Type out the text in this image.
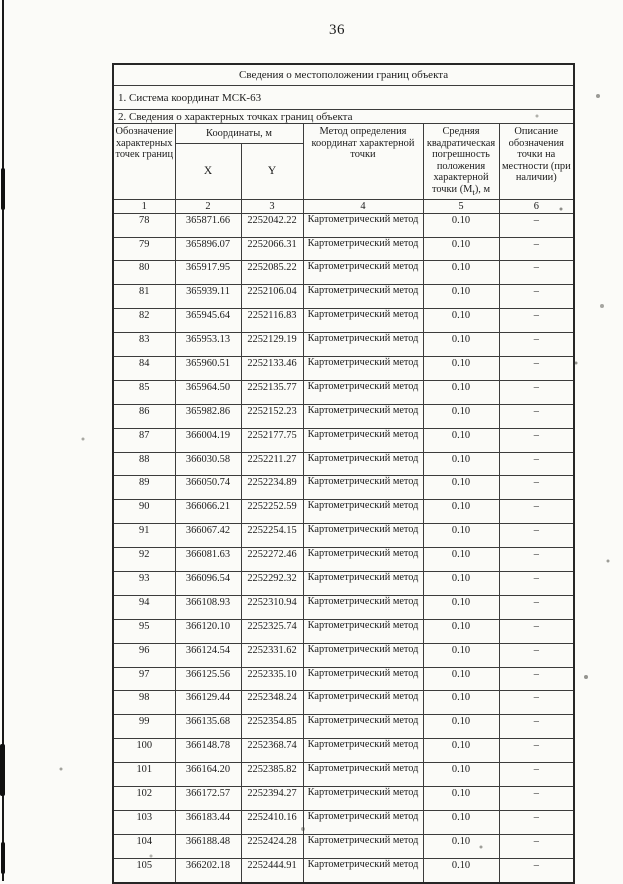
36
Сведения о местоположении границ объекта					
1. Система координат МСК-63					
2. Сведения о характерных точках границ объекта					
Обозначение характерных точек границ	Координаты, м		Метод определения координат характерной точки	Средняя квадратическая погрешность положения характерной точки $(M_t)$, м	Описание обозначения точки на местности (при наличии)
	X	Y			
1	2	3	4	5	6
78	365871.66	2252042.22	Картометрический метод	0.10	–
79	365896.07	2252066.31	Картометрический метод	0.10	–
80	365917.95	2252085.22	Картометрический метод	0.10	–
81	365939.11	2252106.04	Картометрический метод	0.10	–
82	365945.64	2252116.83	Картометрический метод	0.10	–
83	365953.13	2252129.19	Картометрический метод	0.10	–
84	365960.51	2252133.46	Картометрический метод	0.10	–
85	365964.50	2252135.77	Картометрический метод	0.10	–
86	365982.86	2252152.23	Картометрический метод	0.10	–
87	366004.19	2252177.75	Картометрический метод	0.10	–
88	366030.58	2252211.27	Картометрический метод	0.10	–
89	366050.74	2252234.89	Картометрический метод	0.10	–
90	366066.21	2252252.59	Картометрический метод	0.10	–
91	366067.42	2252254.15	Картометрический метод	0.10	–
92	366081.63	2252272.46	Картометрический метод	0.10	–
93	366096.54	2252292.32	Картометрический метод	0.10	–
94	366108.93	2252310.94	Картометрический метод	0.10	–
95	366120.10	2252325.74	Картометрический метод	0.10	–
96	366124.54	2252331.62	Картометрический метод	0.10	–
97	366125.56	2252335.10	Картометрический метод	0.10	–
98	366129.44	2252348.24	Картометрический метод	0.10	–
99	366135.68	2252354.85	Картометрический метод	0.10	–
100	366148.78	2252368.74	Картометрический метод	0.10	–
101	366164.20	2252385.82	Картометрический метод	0.10	–
102	366172.57	2252394.27	Картометрический метод	0.10	–
103	366183.44	2252410.16	Картометрический метод	0.10	–
104	366188.48	2252424.28	Картометрический метод	0.10	–
105	366202.18	2252444.91	Картометрический метод	0.10	–
